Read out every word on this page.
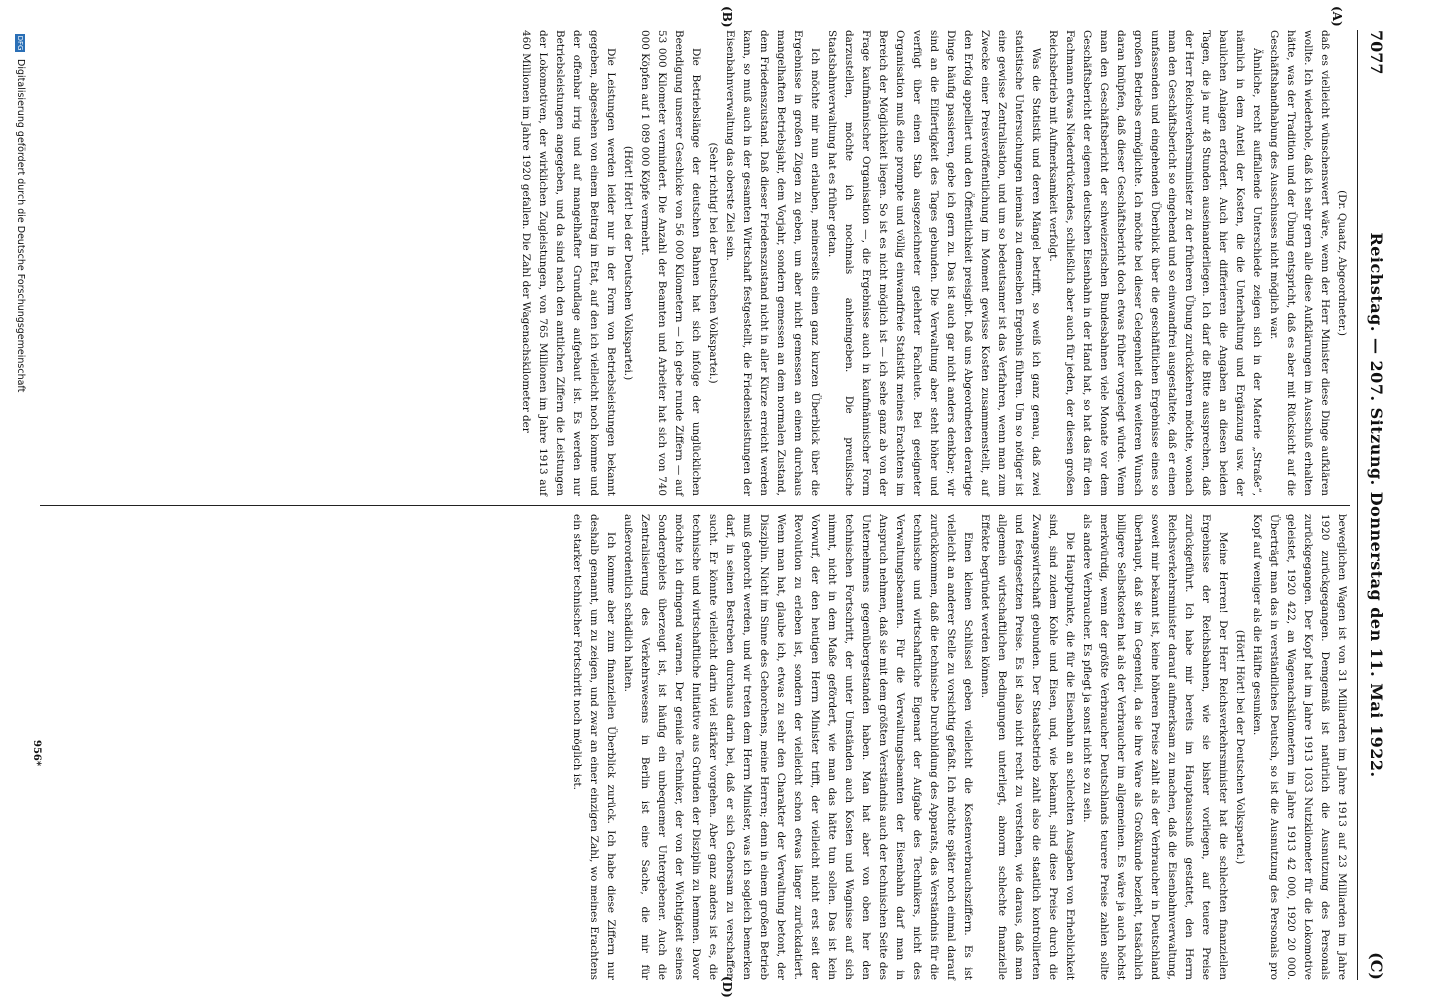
7077
Reichstag. — 207. Sitzung. Donnerstag den 11. Mai 1922.
(C)
(A)
(B)
(D)

(Dr. Quaatz, Abgeordneter.)

daß es vielleicht wünschenswert wäre, wenn der Herr Minister diese Dinge aufklären wollte. Ich wiederhole, daß ich sehr gern alle diese Aufklärungen im Ausschuß erhalten hätte, was der Tradition und der Übung entspricht, daß es aber mit Rücksicht auf die Geschäftshandhabung des Ausschusses nicht möglich war.

Ähnliche, recht auffallende Unterschiede zeigen sich in der Materie „Straße“, nämlich in dem Anteil der Kosten, die die Unterhaltung und Ergänzung usw. der baulichen Anlagen erfordert. Auch hier differieren die Angaben an diesen beiden Tagen, die ja nur 48 Stunden auseinanderliegen. Ich darf die Bitte aussprechen, daß der Herr Reichsverkehrsminister zu der früheren Übung zurückkehren möchte, wonach man den Geschäftsbericht so eingehend und so einwandfrei ausgestaltete, daß er einen umfassenden und eingehenden Überblick über die geschäftlichen Ergebnisse eines so großen Betriebs ermöglichte. Ich möchte bei dieser Gelegenheit den weiteren Wunsch daran knüpfen, daß dieser Geschäftsbericht doch etwas früher vorgelegt würde. Wenn man den Geschäftsbericht der schweizerischen Bundesbahnen viele Monate vor dem Geschäftsbericht der eigenen deutschen Eisenbahn in der Hand hat, so hat das für den Fachmann etwas Niederdrückendes, schließlich aber auch für jeden, der diesen großen Reichsbetrieb mit Aufmerksamkeit verfolgt.

Was die Statistik und deren Mängel betrifft, so weiß ich ganz genau, daß zwei statistische Untersuchungen niemals zu demselben Ergebnis führen. Um so nötiger ist eine gewisse Zentralisation, und um so bedeutsamer ist das Verfahren, wenn man zum Zwecke einer Preisveröffentlichung im Moment gewisse Kosten zusammenstellt, auf den Erfolg appelliert und den Öffentlichkeit preisgibt. Daß uns Abgeordneten derartige Dinge häufig passieren, gebe ich gern zu. Das ist auch gar nicht anders denkbar; wir sind an die Eilfertigkeit des Tages gebunden. Die Verwaltung aber steht höher und verfügt über einen Stab ausgezeichneter gelehrter Fachleute. Bei geeigneter Organisation muß eine prompte und völlig einwandfreie Statistik meines Erachtens im Bereich der Möglichkeit liegen. So ist es nicht möglich ist — ich sehe ganz ab von der Frage kaufmännischer Organisation —, die Ergebnisse auch in kaufmännischer Form darzustellen, möchte ich nochmals anheimgeben. Die preußische Staatsbahnverwaltung hat es früher getan.

Ich möchte mir nun erlauben, meinerseits einen ganz kurzen Überblick über die Ergebnisse in großen Zügen zu geben, um aber nicht gemessen an einem durchaus mangelhaften Betriebsjahr, dem Vorjahr, sondern gemessen an dem normalen Zustand, dem Friedenszustand. Daß dieser Friedenszustand nicht in aller Kürze erreicht werden kann, so muß auch in der gesamten Wirtschaft festgestellt, die Friedensleistungen der Eisenbahnverwaltung das oberste Ziel sein.

(Sehr richtig! bei der Deutschen Volkspartei.)

Die Betriebslänge der deutschen Bahnen hat sich infolge der unglücklichen Beendigung unserer Geschicke von 56 000 Kilometern — ich gebe runde Ziffern — auf 53 000 Kilometer vermindert. Die Anzahl der Beamten und Arbeiter hat sich von 740 000 Köpfen auf 1 089 000 Köpfe vermehrt.

(Hört! Hört! bei der Deutschen Volkspartei.)

Die Leistungen werden leider nur in der Form von Betriebsleistungen bekannt gegeben, abgesehen von einem Beitrag im Etat, auf den ich vielleicht noch komme und der offenbar irrig und auf mangelhafter Grundlage aufgebaut ist. Es werden nur Betriebsleistungen angegeben, und da sind nach den amtlichen Ziffern die Leistungen der Lokomotiven, der wirklichen Zugleistungen, von 765 Millionen im Jahre 1913 auf 460 Millionen im Jahre 1920 gefallen. Die Zahl der Wagenachskilometer der

beweglichen Wagen ist von 31 Milliarden im Jahre 1913 auf 23 Milliarden im Jahre 1920 zurückgegangen. Demgemäß ist natürlich die Ausnutzung des Personals zurückgegangen. Der Kopf hat im Jahre 1913 1033 Nutzkilometer für die Lokomotive geleistet, 1920 422, an Wagenachskilometern im Jahre 1913 42 000, 1920 20 000. Überträgt man das in verständliches Deutsch, so ist die Ausnutzung des Personals pro Kopf auf weniger als die Hälfte gesunken.

(Hört! Hört! bei der Deutschen Volkspartei.)

Meine Herren! Der Herr Reichsverkehrsminister hat die schlechten finanziellen Ergebnisse der Reichsbahnen, wie sie bisher vorliegen, auf teuere Preise zurückgeführt. Ich habe mir bereits im Hauptausschuß gestattet, den Herrn Reichsverkehrsminister darauf aufmerksam zu machen, daß die Eisenbahnverwaltung, soweit mir bekannt ist, keine höheren Preise zahlt als der Verbraucher in Deutschland überhaupt, daß sie im Gegenteil, da sie ihre Ware als Großkunde bezieht, tatsächlich billigere Selbstkosten hat als der Verbraucher im allgemeinen. Es wäre ja auch höchst merkwürdig, wenn der größte Verbraucher Deutschlands teurere Preise zahlen sollte als andere Verbraucher. Es pflegt ja sonst nicht so zu sein.

Die Hauptpunkte, die für die Eisenbahn an schlechten Ausgaben von Erheblichkeit sind, sind zudem Kohle und Eisen, und, wie bekannt, sind diese Preise durch die Zwangswirtschaft gebunden. Der Staatsbetrieb zahlt also die staatlich kontrollierten und festgesetzten Preise. Es ist also nicht recht zu verstehen, wie daraus, daß man allgemein wirtschaftlichen Bedingungen unterliegt, abnorm schlechte finanzielle Effekte begründet werden können.

Einen kleinen Schlüssel geben vielleicht die Kostenverbrauchsziffern. Es ist vielleicht an anderer Stelle zu vorsichtig gefaßt. Ich möchte später noch einmal darauf zurückkommen, daß die technische Durchbildung des Apparats, das Verständnis für die technische und wirtschaftliche Eigenart der Aufgabe des Technikers, nicht des Verwaltungsbeamten. Für die Verwaltungsbeamten der Eisenbahn darf man in Anspruch nehmen, daß sie mit dem größten Verständnis auch der technischen Seite des Unternehmens gegenübergestanden haben. Man hat aber von oben her den technischen Fortschritt, der unter Umständen auch Kosten und Wagnisse auf sich nimmt, nicht in dem Maße gefördert, wie man das hätte tun sollen. Das ist kein Vorwurf, der den heutigen Herrn Minister trifft, der vielleicht nicht erst seit der Revolution zu erleben ist, sondern der vielleicht schon etwas länger zurückdatiert. Wenn man hat, glaube ich, etwas zu sehr den Charakter der Verwaltung betont, der Disziplin. Nicht im Sinne des Gehorchens, meine Herren; denn in einem großen Betrieb muß gehorcht werden, und wir treten dem Herrn Minister, was ich sogleich bemerken darf, in seinen Bestreben durchaus darin bei, daß er sich Gehorsam zu verschaffen sucht. Er könnte vielleicht darin viel stärker vorgehen. Aber ganz anders ist es, die technische und wirtschaftliche Initiative aus Gründen der Disziplin zu hemmen. Davor möchte ich dringend warnen. Der geniale Techniker, der von der Wichtigkeit seines Sondergebiets überzeugt ist, ist häufig ein unbequemer Untergebener. Auch die Zentralisierung des Verkehrswesens in Berlin ist eine Sache, die mir für außerordentlich schädlich halten.

Ich komme aber zum finanziellen Überblick zurück. Ich habe diese Ziffern nur deshalb genannt, um zu zeigen, und zwar an einer einzigen Zahl, wo meines Erachtens ein starker technischer Fortschritt noch möglich ist.

956*
DFG Digitalisierung gefördert durch die Deutsche Forschungsgemeinschaft
